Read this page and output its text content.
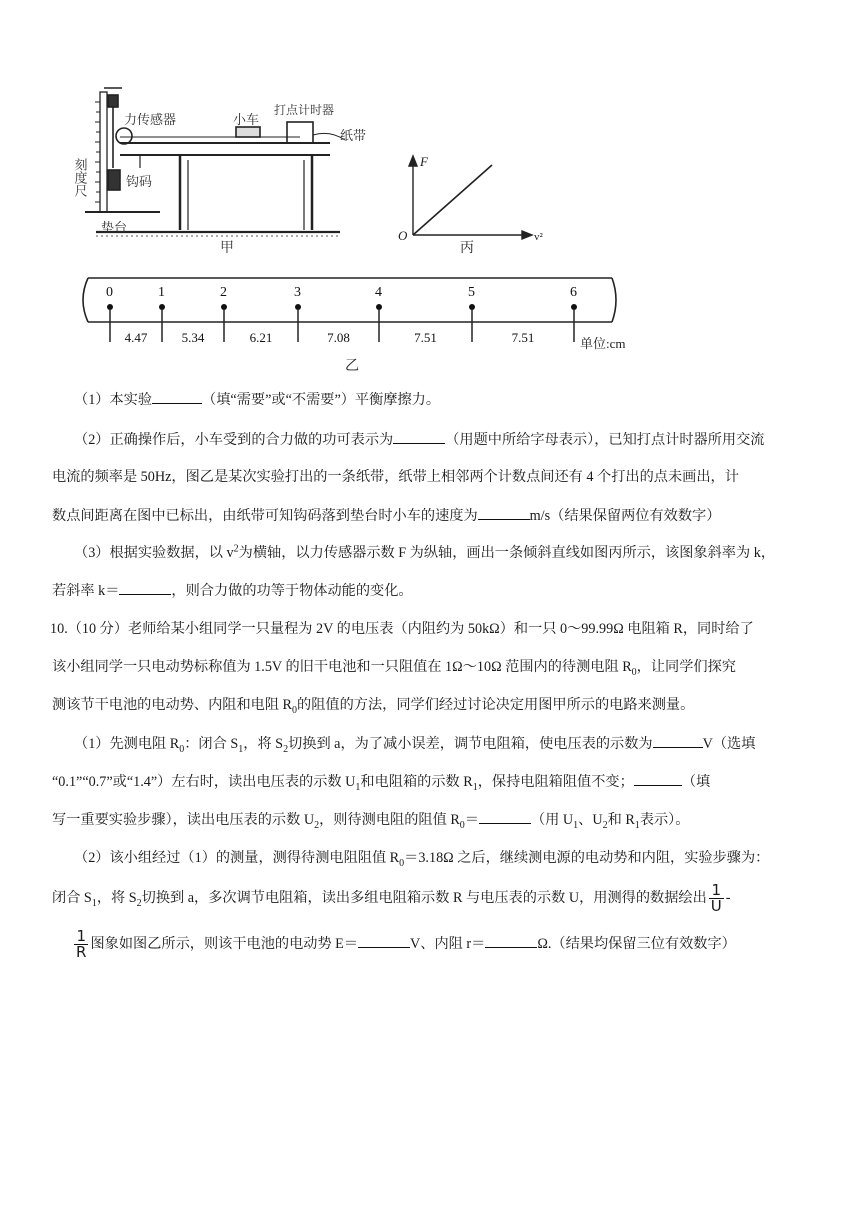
力传感器	小车
打点计时器
纸带
刻度尺	钩码
垫台
甲
F
O	v²
丙
0	1	2	3	4	5	6
4.47	5.34	6.21	7.08	7.51	7.51	单位:cm
乙
（1）本实验	（填“需要”或“不需要”）平衡摩擦力。
（2）正确操作后，小车受到的合力做的功可表示为	（用题中所给字母表示），已知打点计时器所用交流
电流的频率是 50Hz，图乙是某次实验打出的一条纸带，纸带上相邻两个计数点间还有 4 个打出的点未画出，计
数点间距离在图中已标出，由纸带可知钩码落到垫台时小车的速度为	m/s（结果保留两位有效数字）
（3）根据实验数据，以 $v^2$为横轴，以力传感器示数 F 为纵轴，画出一条倾斜直线如图丙所示，该图象斜率为 k，
若斜率 k＝	，则合力做的功等于物体动能的变化。
10.（10 分）老师给某小组同学一只量程为 2V 的电压表（内阻约为 50kΩ）和一只 0～99.99Ω 电阻箱 R，同时给了
该小组同学一只电动势标称值为 1.5V 的旧干电池和一只阻值在 1Ω～10Ω 范围内的待测电阻 $R_0$，让同学们探究
测该节干电池的电动势、内阻和电阻 $R_0$的阻值的方法，同学们经过讨论决定用图甲所示的电路来测量。
（1）先测电阻 $R_0$：闭合 $S_1$，将 $S_2$切换到 a，为了减小误差，调节电阻箱，使电压表的示数为	V（选填
“0.1”“0.7”或“1.4”）左右时，读出电压表的示数 $U_1$和电阻箱的示数 $R_1$，保持电阻箱阻值不变；	（填
写一重要实验步骤），读出电压表的示数 $U_2$，则待测电阻的阻值 $R_0=$	（用 $U_1$、$U_2$和 $R_1$表示）。
（2）该小组经过（1）的测量，测得待测电阻阻值 $R_0=3.18\Omega$ 之后，继续测电源的电动势和内阻，实验步骤为：
闭合 $S_1$，将 $S_2$切换到 a，多次调节电阻箱，读出多组电阻箱示数 R 与电压表的示数 U，用测得的数据绘出 $\frac{1}{U}$ -
$\frac{1}{R}$ 图象如图乙所示，则该干电池的电动势 E＝	V、内阻 r＝	Ω.（结果均保留三位有效数字）
